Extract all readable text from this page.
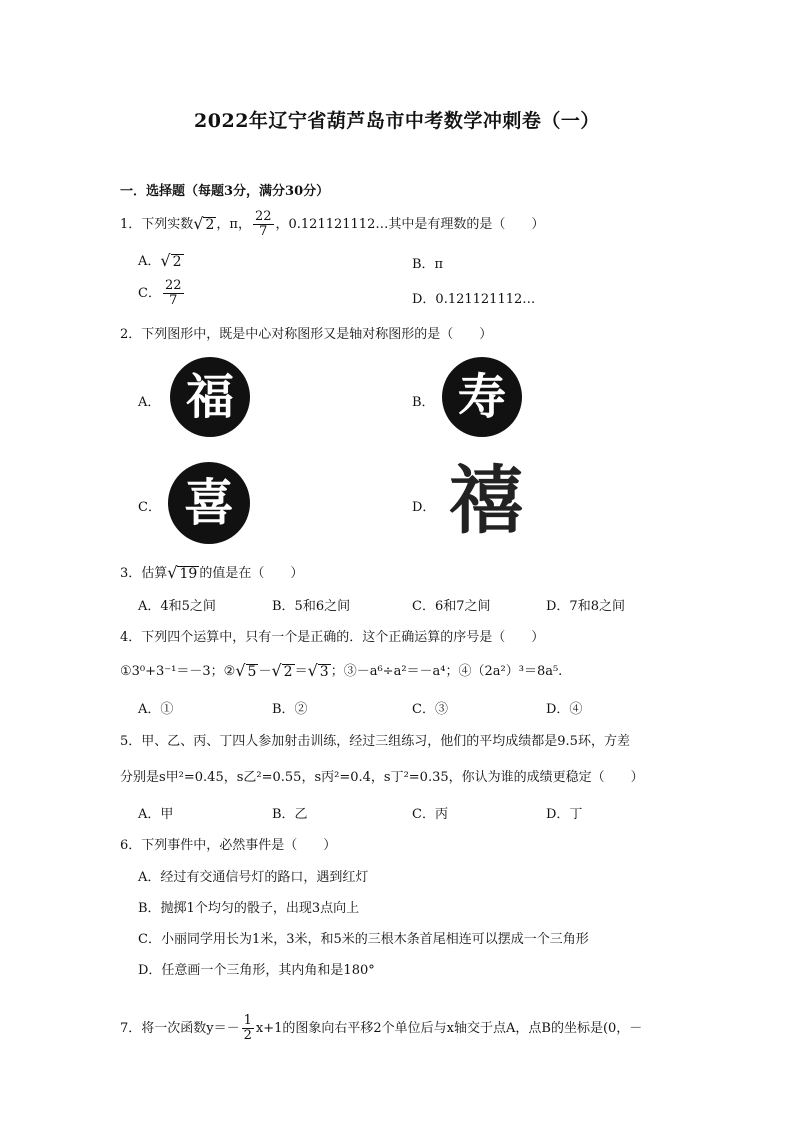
2022年辽宁省葫芦岛市中考数学冲刺卷（一）
一．选择题（每题3分，满分30分）
1．下列实数√ 2 ，π， $\frac{22}{7}$ ，0.121121112…其中是有理数的是（　　）
A．√ 2	B．π
C． $\frac{22}{7}$	D．0.121121112…
2．下列图形中，既是中心对称图形又是轴对称图形的是（　　）
A． 福	B． 寿
C． 喜	D． 禧
3．估算√ 19 的值是在（　　）
A．4和5之间	B．5和6之间	C．6和7之间	D．7和8之间
4．下列四个运算中，只有一个是正确的．这个正确运算的序号是（　　）
①3⁰+3⁻¹＝－3；②√ 5 －√ 2 ＝√ 3 ；③－a⁶÷a²＝－a⁴；④（2a²）³＝8a⁵.
A．①	B．②	C．③	D．④
5．甲、乙、丙、丁四人参加射击训练，经过三组练习，他们的平均成绩都是9.5环，方差
分别是s甲²=0.45，s乙²=0.55，s丙²=0.4，s丁²=0.35，你认为谁的成绩更稳定（　　）
A．甲	B．乙	C．丙	D．丁
6．下列事件中，必然事件是（　　）
A．经过有交通信号灯的路口，遇到红灯
B．抛掷1个均匀的骰子，出现3点向上
C．小丽同学用长为1米，3米，和5米的三根木条首尾相连可以摆成一个三角形
D．任意画一个三角形，其内角和是180°
7．将一次函数$y=- \frac{1}{2} x+1$的图象向右平移2个单位后与x轴交于点A，点B的坐标是(0，－
